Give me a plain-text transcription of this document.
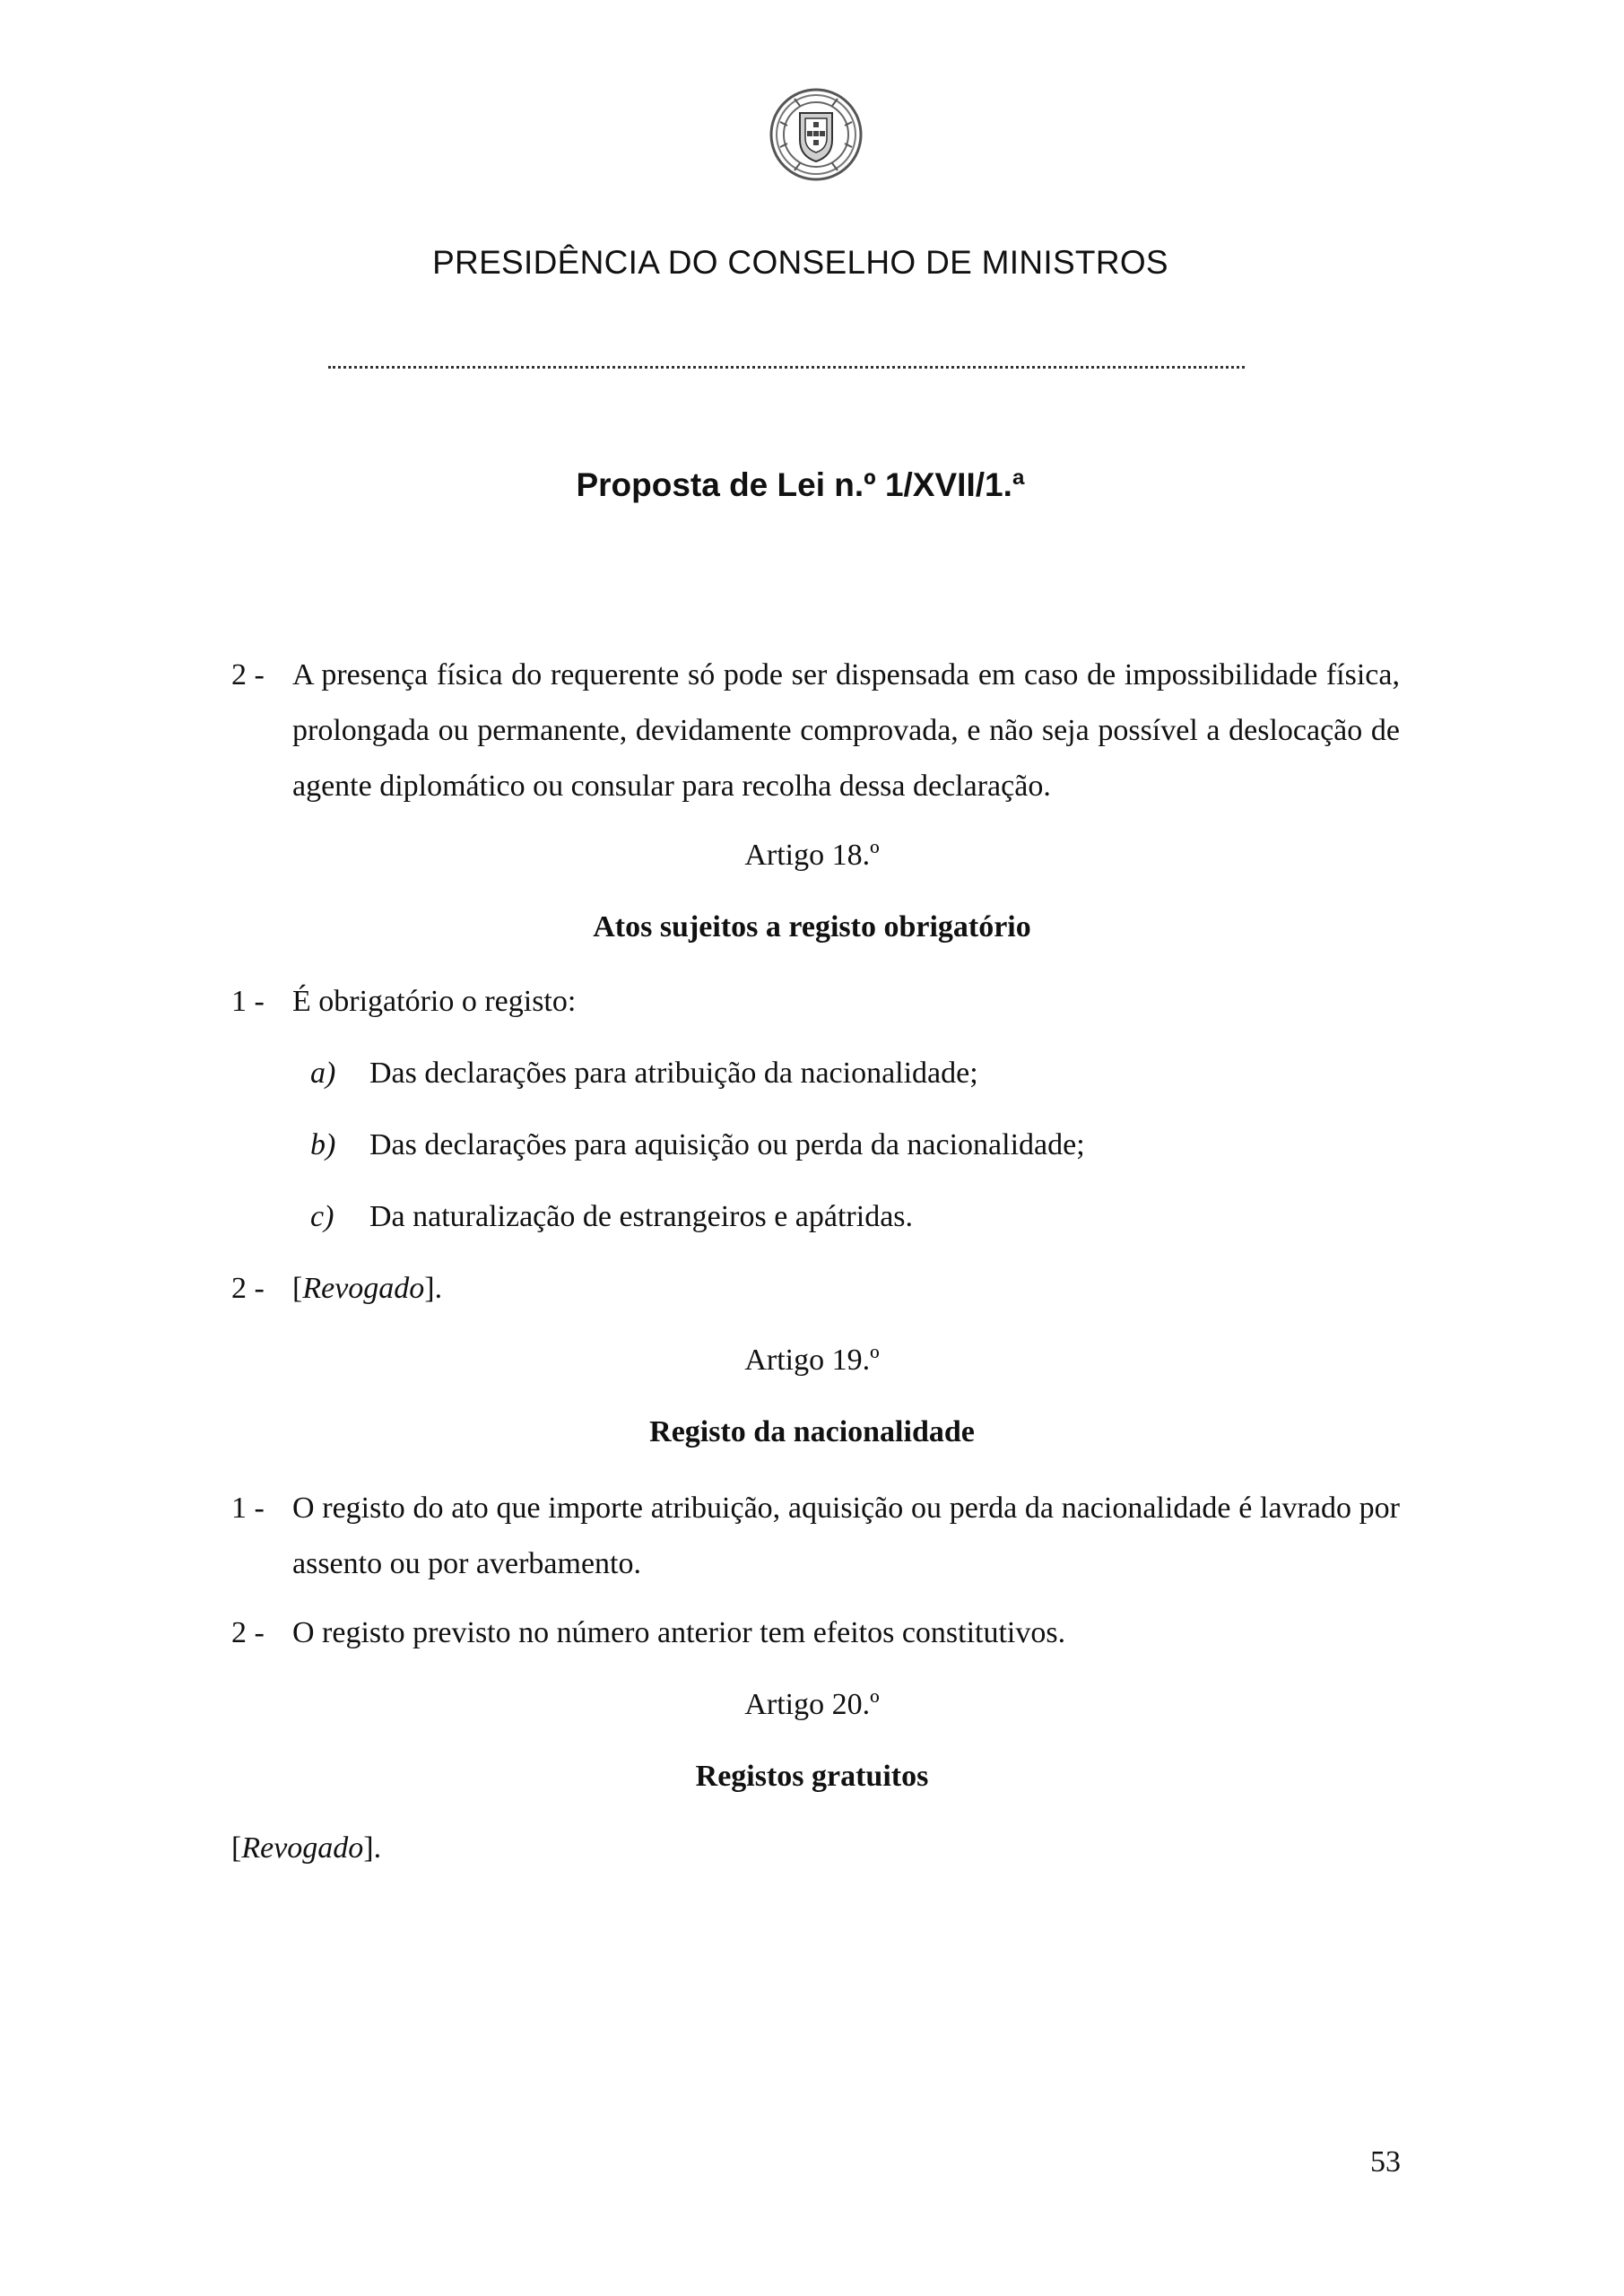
PRESIDÊNCIA DO CONSELHO DE MINISTROS
Proposta de Lei n.º 1/XVII/1.ª
2 - A presença física do requerente só pode ser dispensada em caso de impossibilidade física, prolongada ou permanente, devidamente comprovada, e não seja possível a deslocação de agente diplomático ou consular para recolha dessa declaração.
Artigo 18.º
Atos sujeitos a registo obrigatório
1 - É obrigatório o registo:
a) Das declarações para atribuição da nacionalidade;
b) Das declarações para aquisição ou perda da nacionalidade;
c) Da naturalização de estrangeiros e apátridas.
2 - [Revogado].
Artigo 19.º
Registo da nacionalidade
1 - O registo do ato que importe atribuição, aquisição ou perda da nacionalidade é lavrado por assento ou por averbamento.
2 - O registo previsto no número anterior tem efeitos constitutivos.
Artigo 20.º
Registos gratuitos
[Revogado].
53
